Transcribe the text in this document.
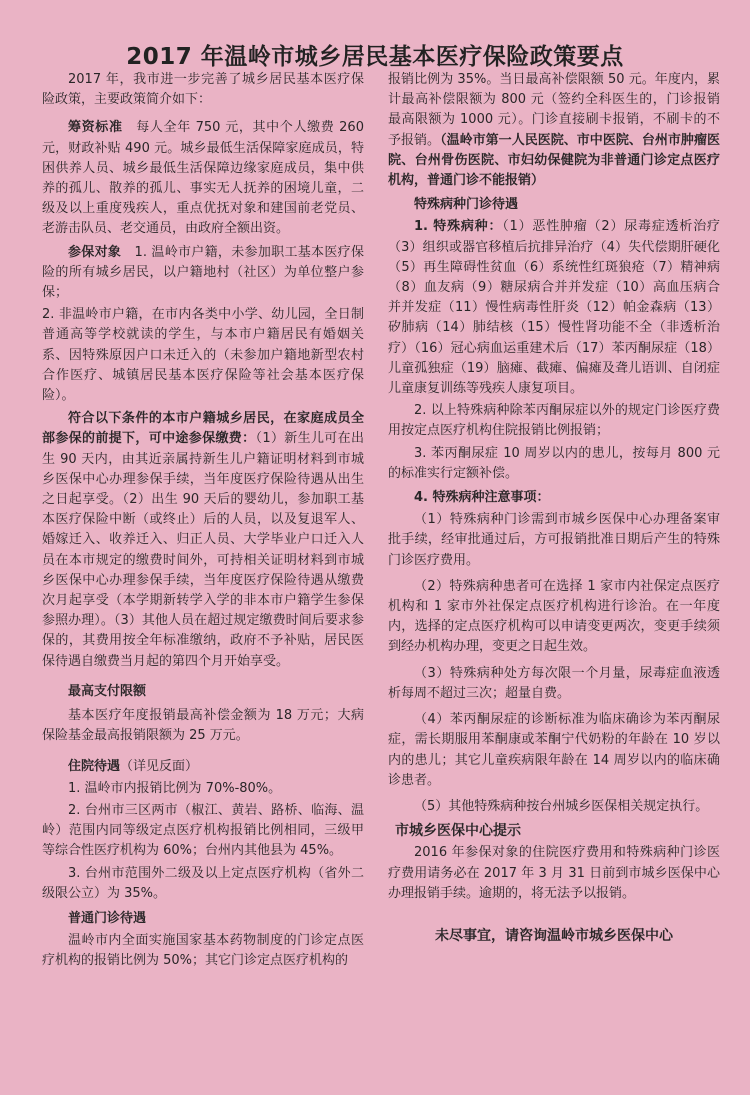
2017 年温岭市城乡居民基本医疗保险政策要点

2017 年，我市进一步完善了城乡居民基本医疗保险政策，主要政策简介如下：

筹资标准　 每人全年 750 元，其中个人缴费 260 元，财政补贴 490 元。城乡最低生活保障家庭成员，特困供养人员、城乡最低生活保障边缘家庭成员，集中供养的孤儿、散养的孤儿、事实无人抚养的困境儿童，二级及以上重度残疾人，重点优抚对象和建国前老党员、老游击队员、老交通员，由政府全额出资。

参保对象　 1. 温岭市户籍，未参加职工基本医疗保险的所有城乡居民，以户籍地村（社区）为单位整户参保；

2. 非温岭市户籍，在市内各类中小学、幼儿园，全日制普通高等学校就读的学生，与本市户籍居民有婚姻关系、因特殊原因户口未迁入的（未参加户籍地新型农村合作医疗、城镇居民基本医疗保险等社会基本医疗保险）。

符合以下条件的本市户籍城乡居民，在家庭成员全部参保的前提下，可中途参保缴费：（1）新生儿可在出生 90 天内，由其近亲属持新生儿户籍证明材料到市城乡医保中心办理参保手续，当年度医疗保险待遇从出生之日起享受。（2）出生 90 天后的婴幼儿，参加职工基本医疗保险中断（或终止）后的人员，以及复退军人、婚嫁迁入、收养迁入、归正人员、大学毕业户口迁入人员在本市规定的缴费时间外，可持相关证明材料到市城乡医保中心办理参保手续，当年度医疗保险待遇从缴费次月起享受（本学期新转学入学的非本市户籍学生参保参照办理）。（3）其他人员在超过规定缴费时间后要求参保的，其费用按全年标准缴纳，政府不予补贴，居民医保待遇自缴费当月起的第四个月开始享受。

最高支付限额

基本医疗年度报销最高补偿金额为 18 万元；大病保险基金最高报销限额为 25 万元。

住院待遇（详见反面）

1. 温岭市内报销比例为 70%-80%。

2. 台州市三区两市（椒江、黄岩、路桥、临海、温岭）范围内同等级定点医疗机构报销比例相同，三级甲等综合性医疗机构为 60%；台州内其他县为 45%。

3. 台州市范围外二级及以上定点医疗机构（省外二级限公立）为 35%。

普通门诊待遇

温岭市内全面实施国家基本药物制度的门诊定点医疗机构的报销比例为 50%；其它门诊定点医疗机构的

报销比例为 35%。当日最高补偿限额 50 元。年度内，累计最高补偿限额为 800 元（签约全科医生的，门诊报销最高限额为 1000 元）。门诊直接刷卡报销，不刷卡的不予报销。（温岭市第一人民医院、市中医院、台州市肿瘤医院、台州骨伤医院、市妇幼保健院为非普通门诊定点医疗机构，普通门诊不能报销）

特殊病种门诊待遇

1. 特殊病种：（1）恶性肿瘤（2）尿毒症透析治疗（3）组织或器官移植后抗排异治疗（4）失代偿期肝硬化（5）再生障碍性贫血（6）系统性红斑狼疮（7）精神病（8）血友病（9）糖尿病合并并发症（10）高血压病合并并发症（11）慢性病毒性肝炎（12）帕金森病（13）矽肺病（14）肺结核（15）慢性肾功能不全（非透析治疗）（16）冠心病血运重建术后（17）苯丙酮尿症（18）儿童孤独症（19）脑瘫、截瘫、偏瘫及聋儿语训、自闭症儿童康复训练等残疾人康复项目。

2. 以上特殊病种除苯丙酮尿症以外的规定门诊医疗费用按定点医疗机构住院报销比例报销；

3. 苯丙酮尿症 10 周岁以内的患儿，按每月 800 元的标准实行定额补偿。

4. 特殊病种注意事项：

（1）特殊病种门诊需到市城乡医保中心办理备案审批手续，经审批通过后，方可报销批准日期后产生的特殊门诊医疗费用。

（2）特殊病种患者可在选择 1 家市内社保定点医疗机构和 1 家市外社保定点医疗机构进行诊治。在一年度内，选择的定点医疗机构可以申请变更两次，变更手续须到经办机构办理，变更之日起生效。

（3）特殊病种处方每次限一个月量，尿毒症血液透析每周不超过三次；超量自费。

（4）苯丙酮尿症的诊断标准为临床确诊为苯丙酮尿症，需长期服用苯酮康或苯酮宁代奶粉的年龄在 10 岁以内的患儿；其它儿童疾病限年龄在 14 周岁以内的临床确诊患者。

（5）其他特殊病种按台州城乡医保相关规定执行。

市城乡医保中心提示

2016 年参保对象的住院医疗费用和特殊病种门诊医疗费用请务必在 2017 年 3 月 31 日前到市城乡医保中心办理报销手续。逾期的，将无法予以报销。

未尽事宜，请咨询温岭市城乡医保中心
